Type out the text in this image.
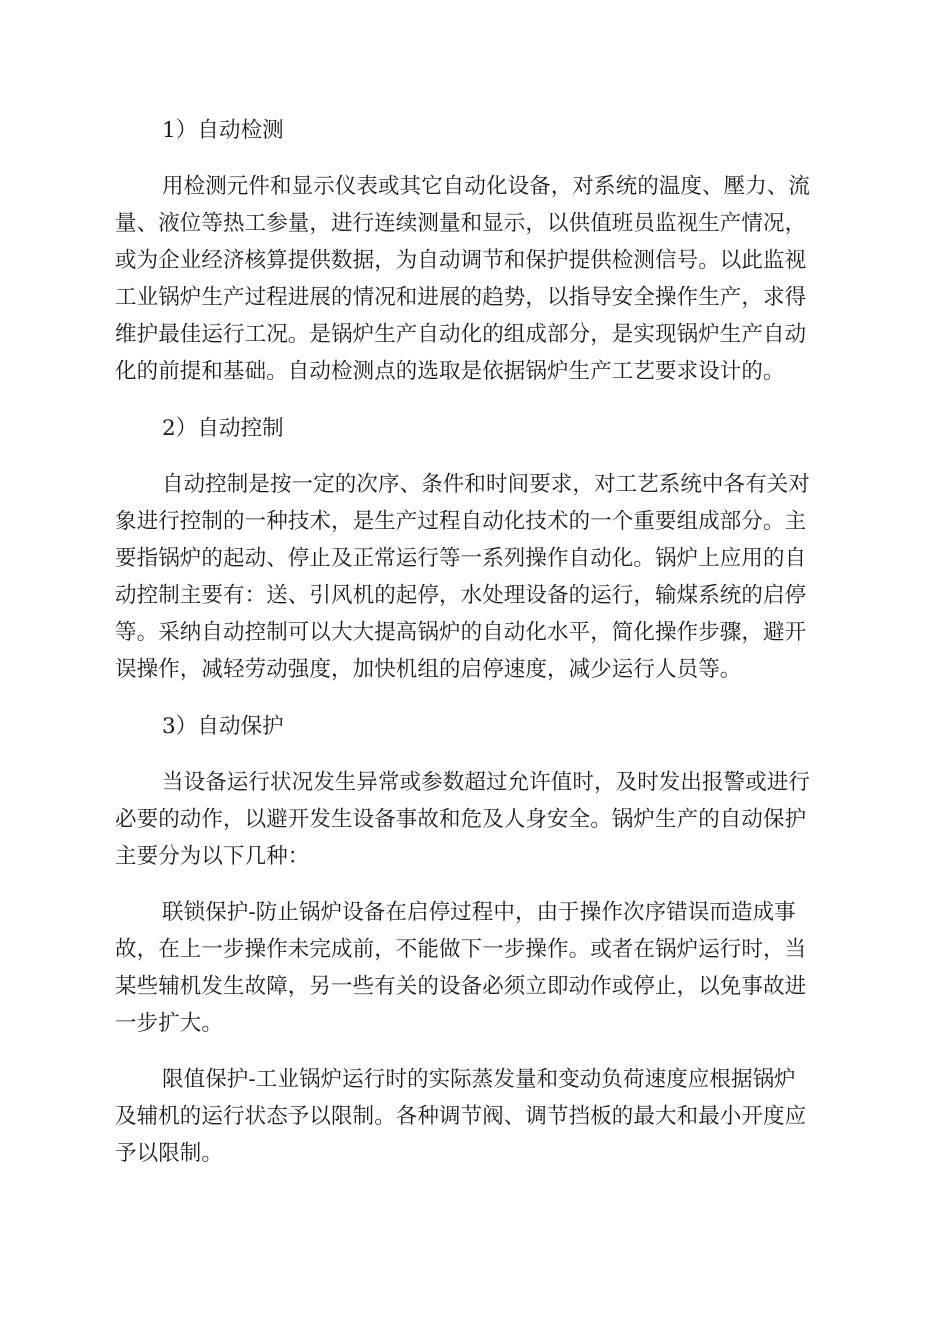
1）自动检测
用检测元件和显示仪表或其它自动化设备，对系统的温度、壓力、流
量、液位等热工参量，进行连续测量和显示，以供值班员监视生产情况，
或为企业经济核算提供数据，为自动调节和保护提供检测信号。以此监视
工业锅炉生产过程进展的情况和进展的趋势，以指导安全操作生产，求得
维护最佳运行工况。是锅炉生产自动化的组成部分，是实现锅炉生产自动
化的前提和基础。自动检测点的选取是依据锅炉生产工艺要求设计的。
2）自动控制
自动控制是按一定的次序、条件和时间要求，对工艺系统中各有关对
象进行控制的一种技术，是生产过程自动化技术的一个重要组成部分。主
要指锅炉的起动、停止及正常运行等一系列操作自动化。锅炉上应用的自
动控制主要有：送、引风机的起停，水处理设备的运行，输煤系统的启停
等。采纳自动控制可以大大提高锅炉的自动化水平，简化操作步骤，避开
误操作，减轻劳动强度，加快机组的启停速度，减少运行人员等。
3）自动保护
当设备运行状况发生异常或参数超过允许值时，及时发出报警或进行
必要的动作，以避开发生设备事故和危及人身安全。锅炉生产的自动保护
主要分为以下几种：
联锁保护-防止锅炉设备在启停过程中，由于操作次序错误而造成事
故，在上一步操作未完成前，不能做下一步操作。或者在锅炉运行时，当
某些辅机发生故障，另一些有关的设备必须立即动作或停止，以免事故进
一步扩大。
限值保护-工业锅炉运行时的实际蒸发量和变动负荷速度应根据锅炉
及辅机的运行状态予以限制。各种调节阀、调节挡板的最大和最小开度应
予以限制。
